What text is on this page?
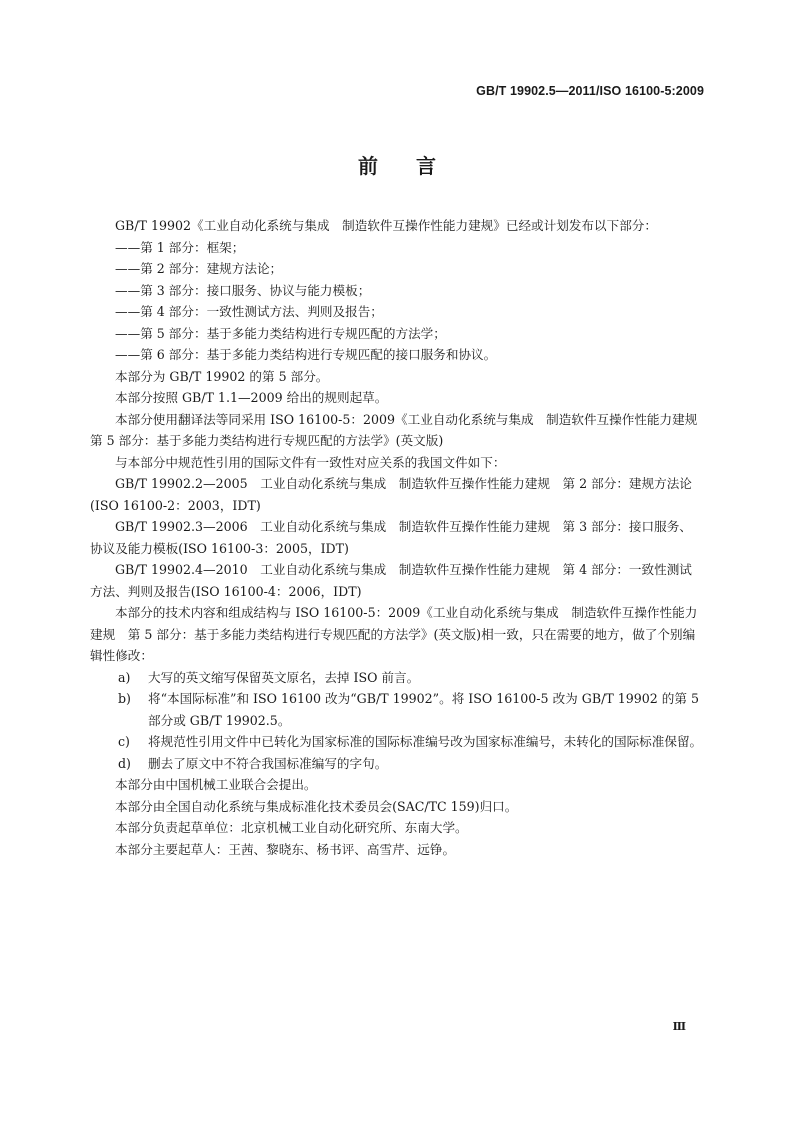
GB/T 19902.5—2011/ISO 16100-5:2009
前言

GB/T 19902《工业自动化系统与集成　制造软件互操作性能力建规》已经或计划发布以下部分：

——第 1 部分：框架；

——第 2 部分：建规方法论；

——第 3 部分：接口服务、协议与能力模板；

——第 4 部分：一致性测试方法、判则及报告；

——第 5 部分：基于多能力类结构进行专规匹配的方法学；

——第 6 部分：基于多能力类结构进行专规匹配的接口服务和协议。

本部分为 GB/T 19902 的第 5 部分。

本部分按照 GB/T 1.1—2009 给出的规则起草。

本部分使用翻译法等同采用 ISO 16100-5：2009《工业自动化系统与集成　制造软件互操作性能力建规　第 5 部分：基于多能力类结构进行专规匹配的方法学》(英文版)

与本部分中规范性引用的国际文件有一致性对应关系的我国文件如下：

GB/T 19902.2—2005　工业自动化系统与集成　制造软件互操作性能力建规　第 2 部分：建规方法论(ISO 16100-2：2003，IDT)

GB/T 19902.3—2006　工业自动化系统与集成　制造软件互操作性能力建规　第 3 部分：接口服务、协议及能力模板(ISO 16100-3：2005，IDT)

GB/T 19902.4—2010　工业自动化系统与集成　制造软件互操作性能力建规　第 4 部分：一致性测试方法、判则及报告(ISO 16100-4：2006，IDT)

本部分的技术内容和组成结构与 ISO 16100-5：2009《工业自动化系统与集成　制造软件互操作性能力建规　第 5 部分：基于多能力类结构进行专规匹配的方法学》(英文版)相一致，只在需要的地方，做了个别编辑性修改：

a)	大写的英文缩写保留英文原名，去掉 ISO 前言。
b)	将“本国际标准”和 ISO 16100 改为“GB/T 19902”。将 ISO 16100-5 改为 GB/T 19902 的第 5 部分或 GB/T 19902.5。
c)	将规范性引用文件中已转化为国家标准的国际标准编号改为国家标准编号，未转化的国际标准保留。
d)	删去了原文中不符合我国标准编写的字句。

本部分由中国机械工业联合会提出。

本部分由全国自动化系统与集成标准化技术委员会(SAC/TC 159)归口。

本部分负责起草单位：北京机械工业自动化研究所、东南大学。

本部分主要起草人：王茜、黎晓东、杨书评、高雪芹、远铮。

Ⅲ
